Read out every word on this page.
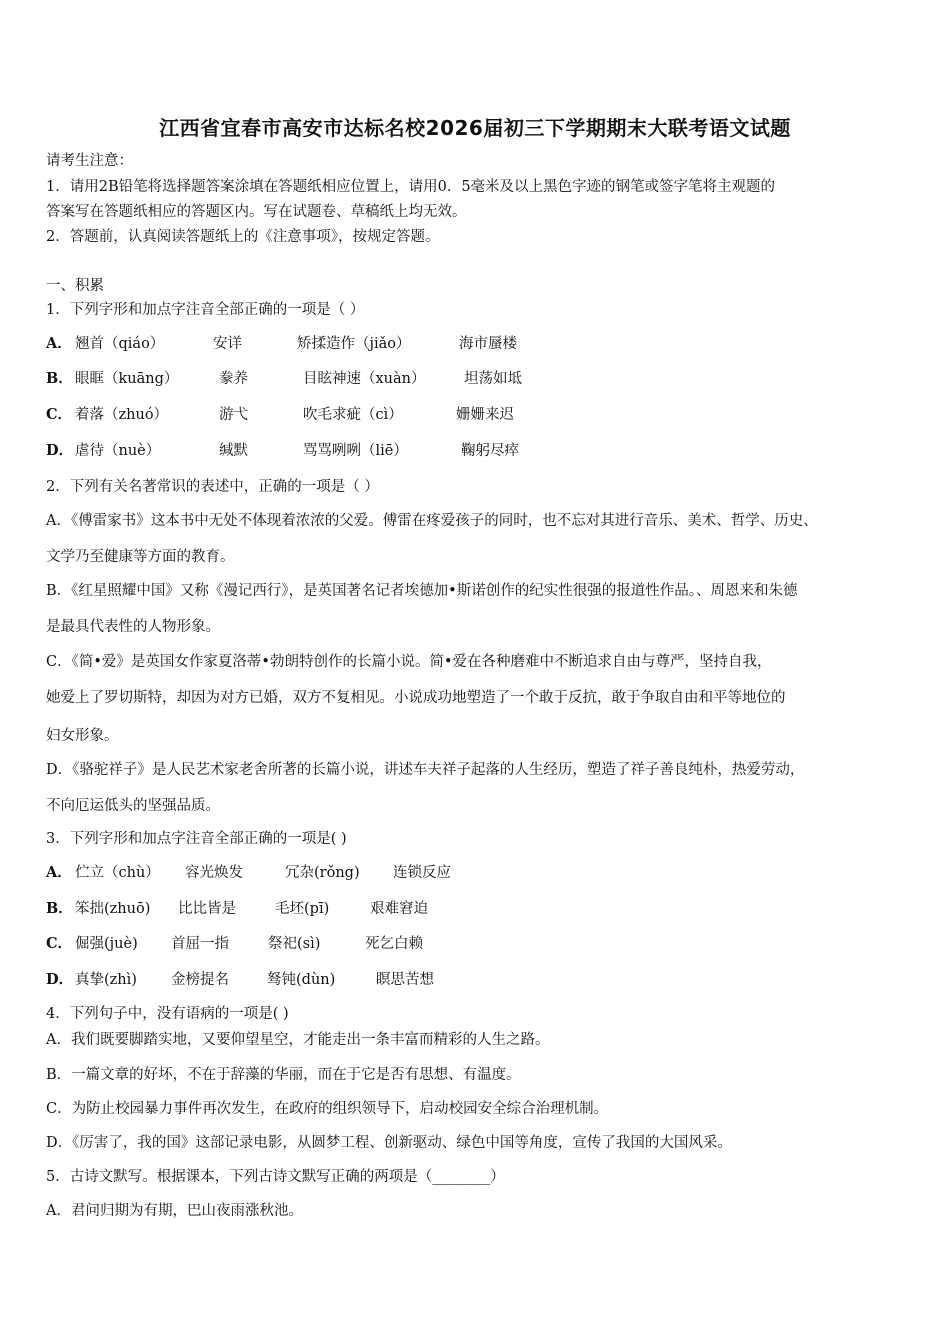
江西省宜春市高安市达标名校2026届初三下学期期末大联考语文试题
请考生注意：
1．请用2B铅笔将选择题答案涂填在答题纸相应位置上，请用0．5毫米及以上黑色字迹的钢笔或签字笔将主观题的
答案写在答题纸相应的答题区内。写在试题卷、草稿纸上均无效。
2．答题前，认真阅读答题纸上的《注意事项》，按规定答题。
一、积累
1．下列字形和加点字注音全部正确的一项是（ ）
A． 翘首（qiáo）	安详	矫揉造作（jiǎo）	海市蜃楼
B． 眼眶（kuāng）	豢养	目眩神速（xuàn）	坦荡如坻
C． 着落（zhuó）	游弋	吹毛求疵（cì）	姗姗来迟
D． 虐待（nuè）	缄默	骂骂咧咧（liē）	鞠躬尽瘁
2．下列有关名著常识的表述中，正确的一项是（ ）
A．《傅雷家书》这本书中无处不体现着浓浓的父爱。傅雷在疼爱孩子的同时，也不忘对其进行音乐、美术、哲学、历史、
文学乃至健康等方面的教育。
B．《红星照耀中国》又称《漫记西行》，是英国著名记者埃德加•斯诺创作的纪实性很强的报道性作品。、周恩来和朱德
是最具代表性的人物形象。
C．《简•爱》是英国女作家夏洛蒂•勃朗特创作的长篇小说。简•爱在各种磨难中不断追求自由与尊严，坚持自我，
她爱上了罗切斯特，却因为对方已婚，双方不复相见。小说成功地塑造了一个敢于反抗，敢于争取自由和平等地位的
妇女形象。
D．《骆驼祥子》是人民艺术家老舍所著的长篇小说，讲述车夫祥子起落的人生经历，塑造了祥子善良纯朴，热爱劳动，
不向厄运低头的坚强品质。
3．下列字形和加点字注音全部正确的一项是( )
A． 伫立（chù） 容光焕发	冗杂(rǒng) 连锁反应
B． 笨拙(zhuō) 比比皆是	毛坯(pī)	艰难窘迫
C． 倔强(juè) 首屈一指	祭祀(sì)	死乞白赖
D． 真挚(zhì) 金榜提名	驽钝(dùn)	瞑思苦想
4．下列句子中，没有语病的一项是( )
A．我们既要脚踏实地，又要仰望星空，才能走出一条丰富而精彩的人生之路。
B．一篇文章的好坏，不在于辞藻的华丽，而在于它是否有思想、有温度。
C．为防止校园暴力事件再次发生，在政府的组织领导下，启动校园安全综合治理机制。
D．《厉害了，我的国》这部记录电影，从圆梦工程、创新驱动、绿色中国等角度，宣传了我国的大国风采。
5．古诗文默写。根据课本，下列古诗文默写正确的两项是（________）
A．君问归期为有期，巴山夜雨涨秋池。
